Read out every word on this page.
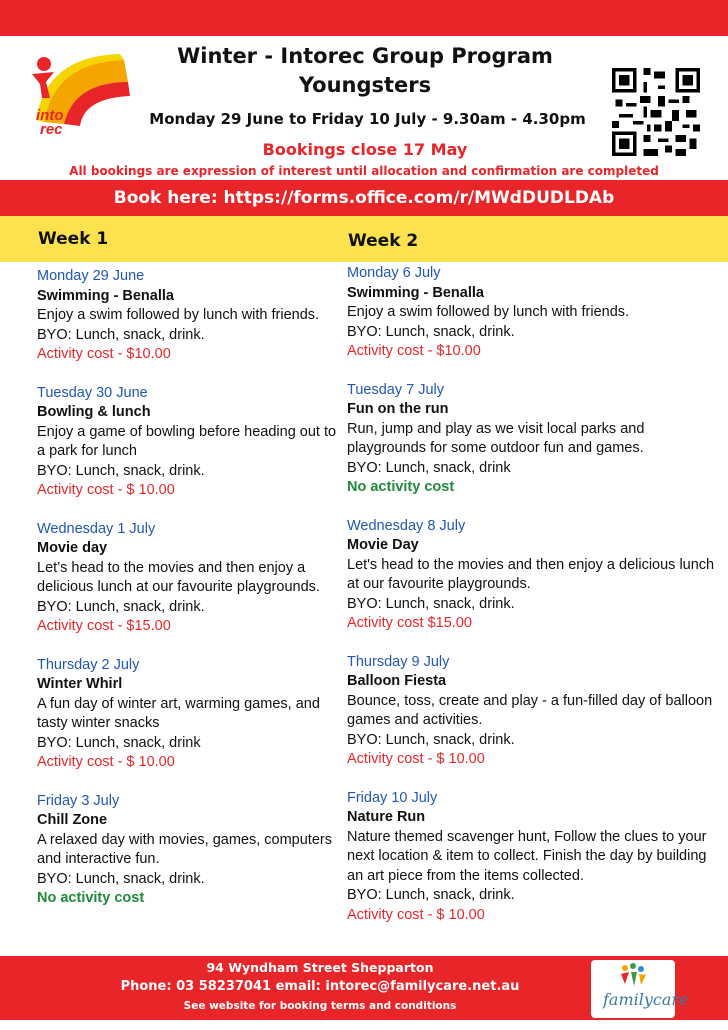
into
rec
Winter - Intorec Group Program
Youngsters
Monday 29 June to Friday 10 July - 9.30am - 4.30pm
Bookings close 17 May
All bookings are expression of interest until allocation and confirmation are completed
Book here: https://forms.office.com/r/MWdDUDLDAb
Week 1	Week 2
Monday 29 June
Swimming - Benalla
Enjoy a swim followed by lunch with friends.
BYO: Lunch, snack, drink.
Activity cost - $10.00
Tuesday 30 June
Bowling & lunch
Enjoy a game of bowling before heading out to a park for lunch
BYO: Lunch, snack, drink.
Activity cost - $ 10.00
Wednesday 1 July
Movie day
Let’s head to the movies and then enjoy a delicious lunch at our favourite playgrounds.
BYO: Lunch, snack, drink.
Activity cost - $15.00
Thursday 2 July
Winter Whirl
A fun day of winter art, warming games, and tasty winter snacks
BYO: Lunch, snack, drink
Activity cost - $ 10.00
Friday 3 July
Chill Zone
A relaxed day with movies, games, computers and interactive fun.
BYO: Lunch, snack, drink.
No activity cost
Monday 6 July
Swimming - Benalla
Enjoy a swim followed by lunch with friends.
BYO: Lunch, snack, drink.
Activity cost - $10.00
Tuesday 7 July
Fun on the run
Run, jump and play as we visit local parks and playgrounds for some outdoor fun and games.
BYO: Lunch, snack, drink
No activity cost
Wednesday 8 July
Movie Day
Let's head to the movies and then enjoy a delicious lunch at our favourite playgrounds.
BYO: Lunch, snack, drink.
Activity cost $15.00
Thursday 9 July
Balloon Fiesta
Bounce, toss, create and play - a fun-filled day of balloon games and activities.
BYO: Lunch, snack, drink.
Activity cost - $ 10.00
Friday 10 July
Nature Run
Nature themed scavenger hunt, Follow the clues to your next location & item to collect. Finish the day by building an art piece from the items collected.
BYO: Lunch, snack, drink.
Activity cost - $ 10.00
94 Wyndham Street Shepparton
Phone: 03 58237041 email: intorec@familycare.net.au
See website for booking terms and conditions	familycare
